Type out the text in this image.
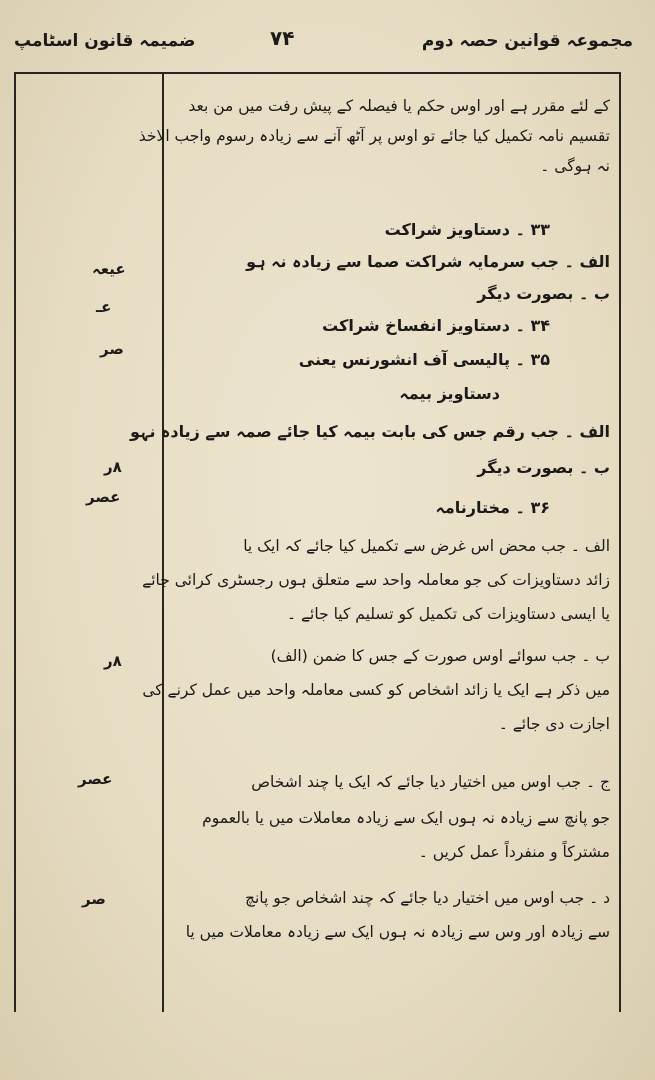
ضمیمہ قانون اسٹامپ	۷۴	مجموعہ قوانین حصہ دوم
کے لئے مقرر ہے اور اوس حکم یا فیصلہ کے پیش رفت میں من بعد
تقسیم نامہ تکمیل کیا جائے تو اوس پر آٹھ آنے سے زیادہ رسوم واجب الاخذ
نہ ہوگی ۔
۳۳ ۔ دستاویز شراکت
الف ۔ جب سرمایہ شراکت صما سے زیادہ نہ ہو
ب ۔ بصورت دیگر
۳۴ ۔ دستاویز انفساخ شراکت
۳۵ ۔ پالیسی آف انشورنس یعنی
دستاویز بیمہ
الف ۔ جب رقم جس کی بابت بیمہ کیا جائے صمہ سے زیادہ نہو
ب ۔ بصورت دیگر
۳۶ ۔ مختارنامہ
الف ۔ جب محض اس غرض سے تکمیل کیا جائے کہ ایک یا
زائد دستاویزات کی جو معاملہ واحد سے متعلق ہوں رجسٹری کرائی جائے
یا ایسی دستاویزات کی تکمیل کو تسلیم کیا جائے ۔
ب ۔ جب سوائے اوس صورت کے جس کا ضمن (الف)
میں ذکر ہے ایک یا زائد اشخاص کو کسی معاملہ واحد میں عمل کرنے کی
اجازت دی جائے ۔
ج ۔ جب اوس میں اختیار دیا جائے کہ ایک یا چند اشخاص
جو پانچ سے زیادہ نہ ہوں ایک سے زیادہ معاملات میں یا بالعموم
مشترکاً و منفرداً عمل کریں ۔
د ۔ جب اوس میں اختیار دیا جائے کہ چند اشخاص جو پانچ
سے زیادہ اور وس سے زیادہ نہ ہوں ایک سے زیادہ معاملات میں یا
عیعہ
عـ
صر
۸ر
عصر
۸ر
عصر
صر
